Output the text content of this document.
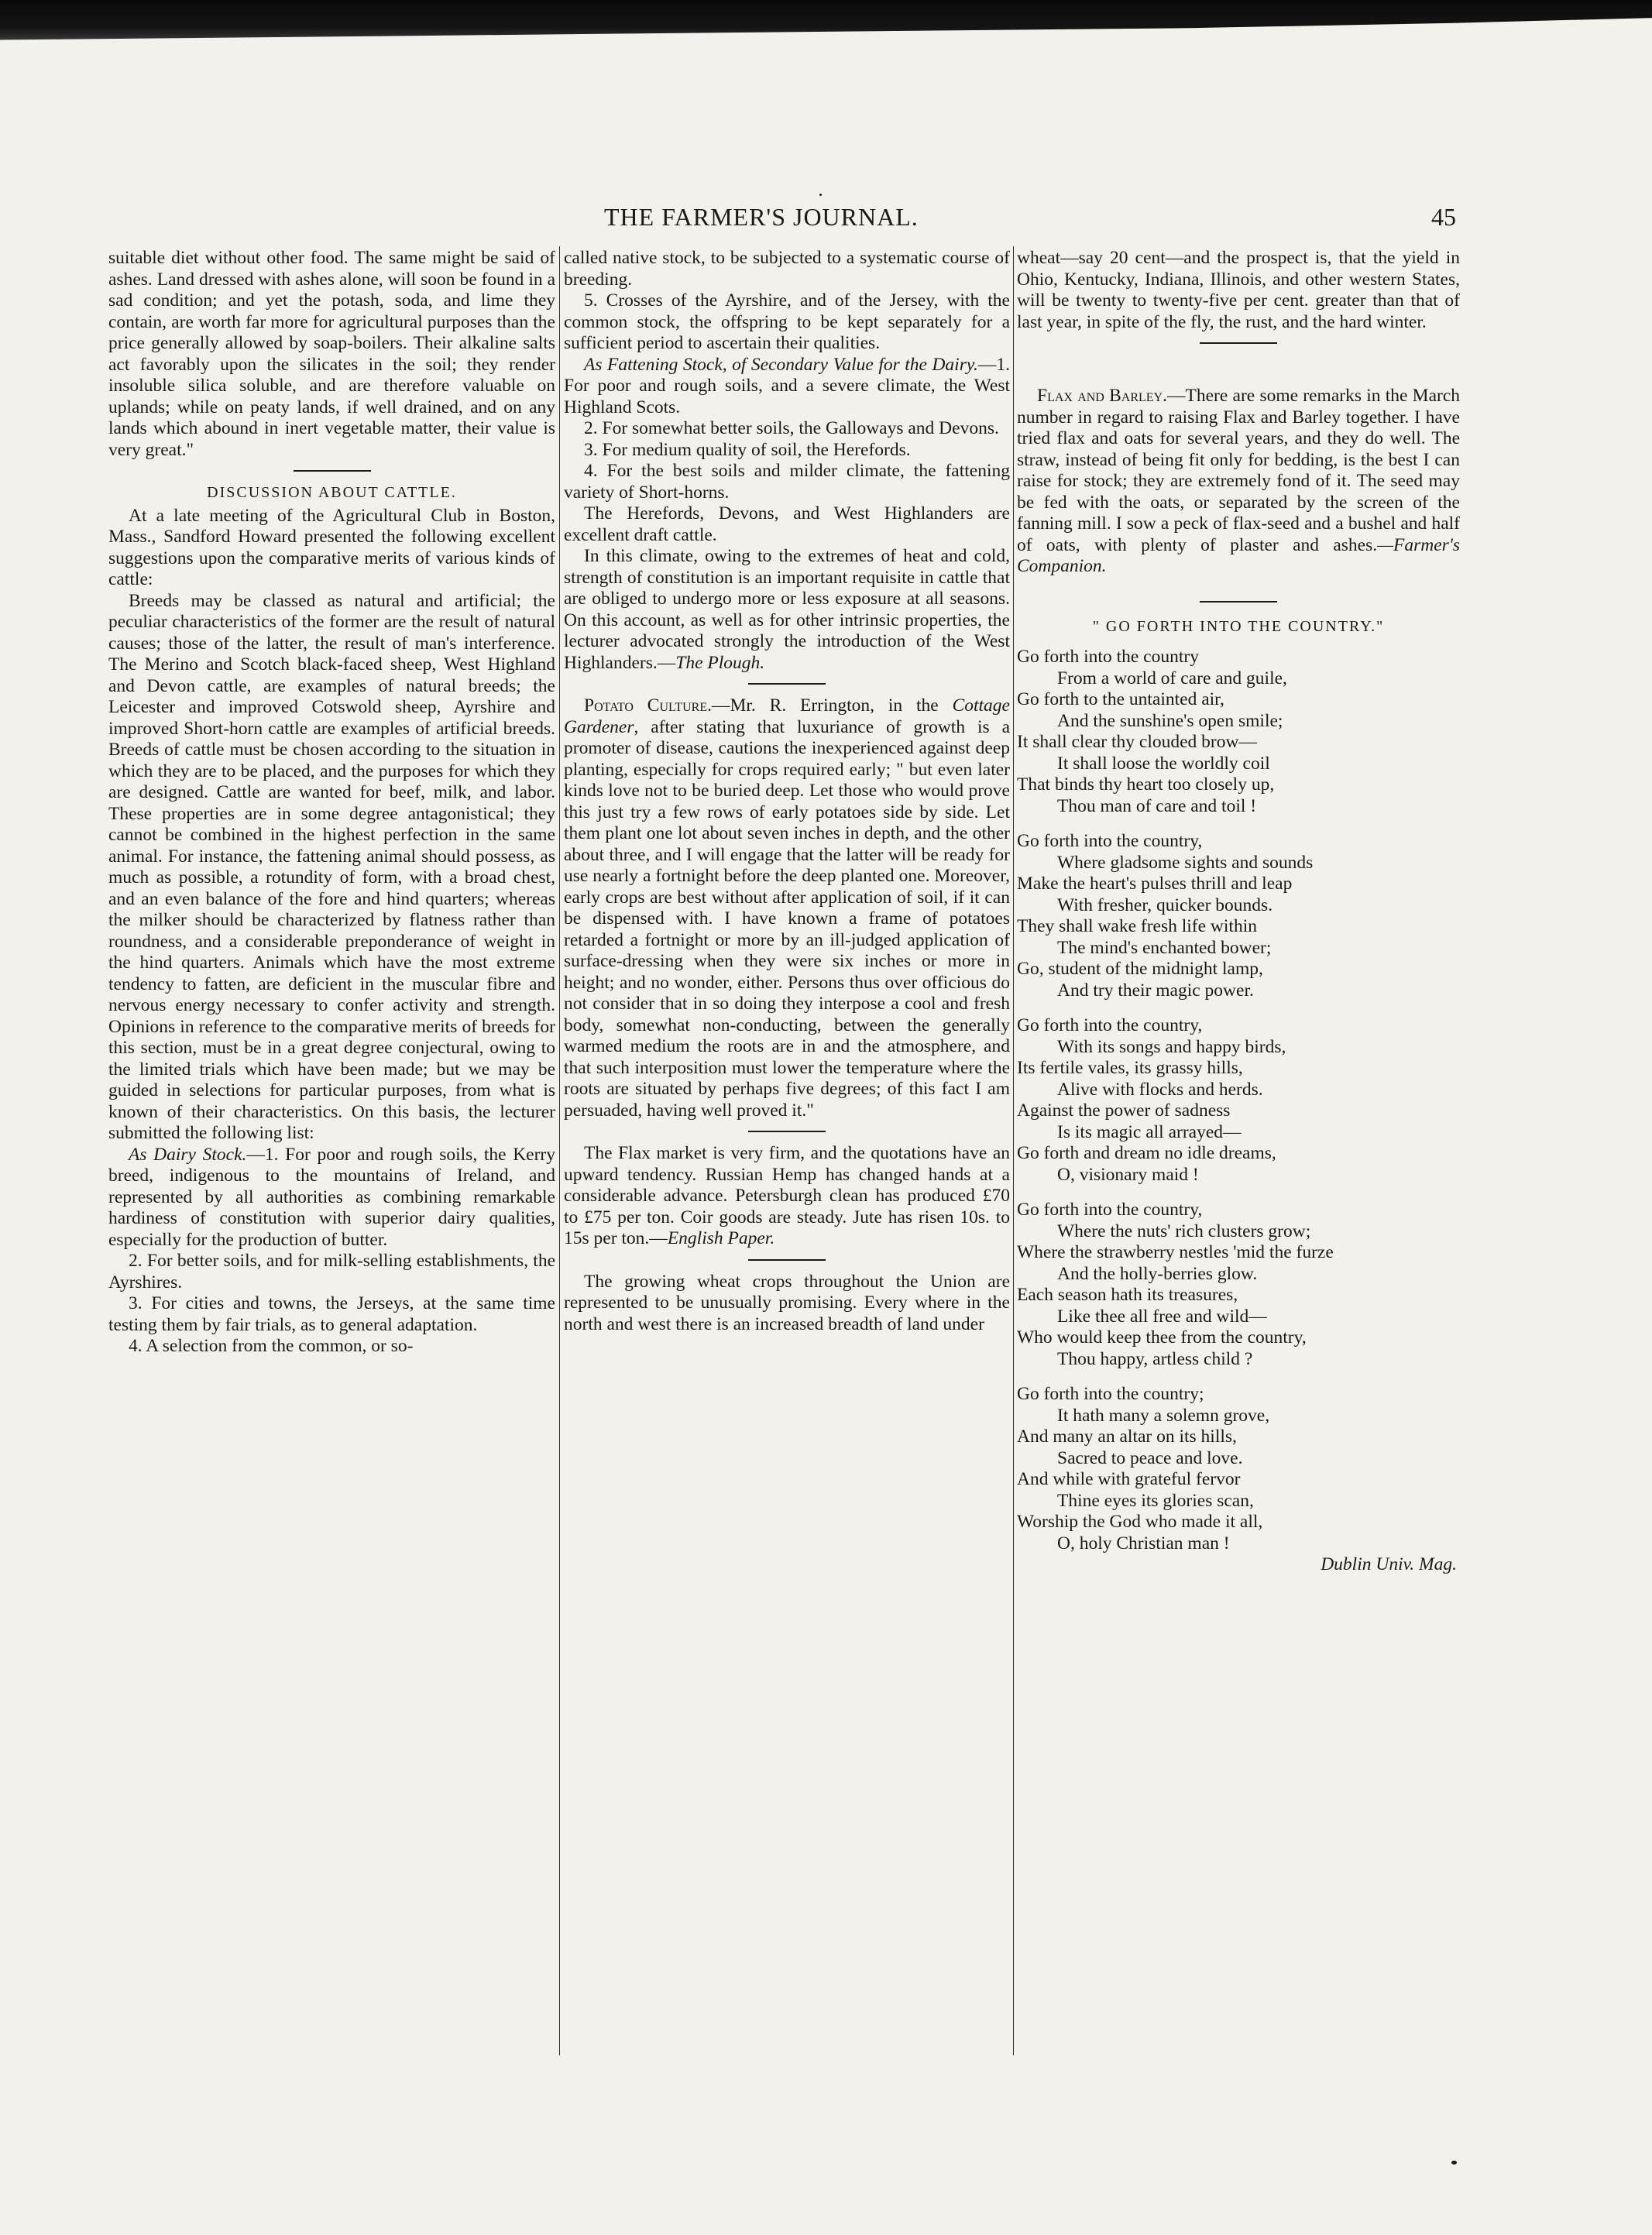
THE FARMER'S JOURNAL.	45

suitable diet without other food. The same might be said of ashes. Land dressed with ashes alone, will soon be found in a sad condition; and yet the potash, soda, and lime they contain, are worth far more for agricultural purposes than the price generally allowed by soap-boilers. Their alkaline salts act favorably upon the silicates in the soil; they render insoluble silica soluble, and are therefore valuable on uplands; while on peaty lands, if well drained, and on any lands which abound in inert vegetable matter, their value is very great."

DISCUSSION ABOUT CATTLE.

At a late meeting of the Agricultural Club in Boston, Mass., Sandford Howard presented the following excellent suggestions upon the comparative merits of various kinds of cattle:

Breeds may be classed as natural and artificial; the peculiar characteristics of the former are the result of natural causes; those of the latter, the result of man's interference. The Merino and Scotch black-faced sheep, West Highland and Devon cattle, are examples of natural breeds; the Leicester and improved Cotswold sheep, Ayrshire and improved Short-horn cattle are examples of artificial breeds. Breeds of cattle must be chosen according to the situation in which they are to be placed, and the purposes for which they are designed. Cattle are wanted for beef, milk, and labor. These properties are in some degree antagonistical; they cannot be combined in the highest perfection in the same animal. For instance, the fattening animal should possess, as much as possible, a rotundity of form, with a broad chest, and an even balance of the fore and hind quarters; whereas the milker should be characterized by flatness rather than roundness, and a considerable preponderance of weight in the hind quarters. Animals which have the most extreme tendency to fatten, are deficient in the muscular fibre and nervous energy necessary to confer activity and strength. Opinions in reference to the comparative merits of breeds for this section, must be in a great degree conjectural, owing to the limited trials which have been made; but we may be guided in selections for particular purposes, from what is known of their characteristics. On this basis, the lecturer submitted the following list:

As Dairy Stock.—1. For poor and rough soils, the Kerry breed, indigenous to the mountains of Ireland, and represented by all authorities as combining remarkable hardiness of constitution with superior dairy qualities, especially for the production of butter.

2. For better soils, and for milk-selling establishments, the Ayrshires.

3. For cities and towns, the Jerseys, at the same time testing them by fair trials, as to general adaptation.

4. A selection from the common, or so-

called native stock, to be subjected to a systematic course of breeding.

5. Crosses of the Ayrshire, and of the Jersey, with the common stock, the offspring to be kept separately for a sufficient period to ascertain their qualities.

As Fattening Stock, of Secondary Value for the Dairy.—1. For poor and rough soils, and a severe climate, the West Highland Scots.

2. For somewhat better soils, the Galloways and Devons.

3. For medium quality of soil, the Herefords.

4. For the best soils and milder climate, the fattening variety of Short-horns.

The Herefords, Devons, and West Highlanders are excellent draft cattle.

In this climate, owing to the extremes of heat and cold, strength of constitution is an important requisite in cattle that are obliged to undergo more or less exposure at all seasons. On this account, as well as for other intrinsic properties, the lecturer advocated strongly the introduction of the West Highlanders.—The Plough.

Potato Culture.—Mr. R. Errington, in the Cottage Gardener, after stating that luxuriance of growth is a promoter of disease, cautions the inexperienced against deep planting, especially for crops required early; " but even later kinds love not to be buried deep. Let those who would prove this just try a few rows of early potatoes side by side. Let them plant one lot about seven inches in depth, and the other about three, and I will engage that the latter will be ready for use nearly a fortnight before the deep planted one. Moreover, early crops are best without after application of soil, if it can be dispensed with. I have known a frame of potatoes retarded a fortnight or more by an ill-judged application of surface-dressing when they were six inches or more in height; and no wonder, either. Persons thus over officious do not consider that in so doing they interpose a cool and fresh body, somewhat non-conducting, between the generally warmed medium the roots are in and the atmosphere, and that such interposition must lower the temperature where the roots are situated by perhaps five degrees; of this fact I am persuaded, having well proved it."

The Flax market is very firm, and the quotations have an upward tendency. Russian Hemp has changed hands at a considerable advance. Petersburgh clean has produced £70 to £75 per ton. Coir goods are steady. Jute has risen 10s. to 15s per ton.—English Paper.

The growing wheat crops throughout the Union are represented to be unusually promising. Every where in the north and west there is an increased breadth of land under

wheat—say 20 cent—and the prospect is, that the yield in Ohio, Kentucky, Indiana, Illinois, and other western States, will be twenty to twenty-five per cent. greater than that of last year, in spite of the fly, the rust, and the hard winter.

Flax and Barley.—There are some remarks in the March number in regard to raising Flax and Barley together. I have tried flax and oats for several years, and they do well. The straw, instead of being fit only for bedding, is the best I can raise for stock; they are extremely fond of it. The seed may be fed with the oats, or separated by the screen of the fanning mill. I sow a peck of flax-seed and a bushel and half of oats, with plenty of plaster and ashes.—Farmer's Companion.

" GO FORTH INTO THE COUNTRY."

Go forth into the country

From a world of care and guile,

Go forth to the untainted air,

And the sunshine's open smile;

It shall clear thy clouded brow—

It shall loose the worldly coil

That binds thy heart too closely up,

Thou man of care and toil !

Go forth into the country,

Where gladsome sights and sounds

Make the heart's pulses thrill and leap

With fresher, quicker bounds.

They shall wake fresh life within

The mind's enchanted bower;

Go, student of the midnight lamp,

And try their magic power.

Go forth into the country,

With its songs and happy birds,

Its fertile vales, its grassy hills,

Alive with flocks and herds.

Against the power of sadness

Is its magic all arrayed—

Go forth and dream no idle dreams,

O, visionary maid !

Go forth into the country,

Where the nuts' rich clusters grow;

Where the strawberry nestles 'mid the furze

And the holly-berries glow.

Each season hath its treasures,

Like thee all free and wild—

Who would keep thee from the country,

Thou happy, artless child ?

Go forth into the country;

It hath many a solemn grove,

And many an altar on its hills,

Sacred to peace and love.

And while with grateful fervor

Thine eyes its glories scan,

Worship the God who made it all,

O, holy Christian man !

Dublin Univ. Mag.
